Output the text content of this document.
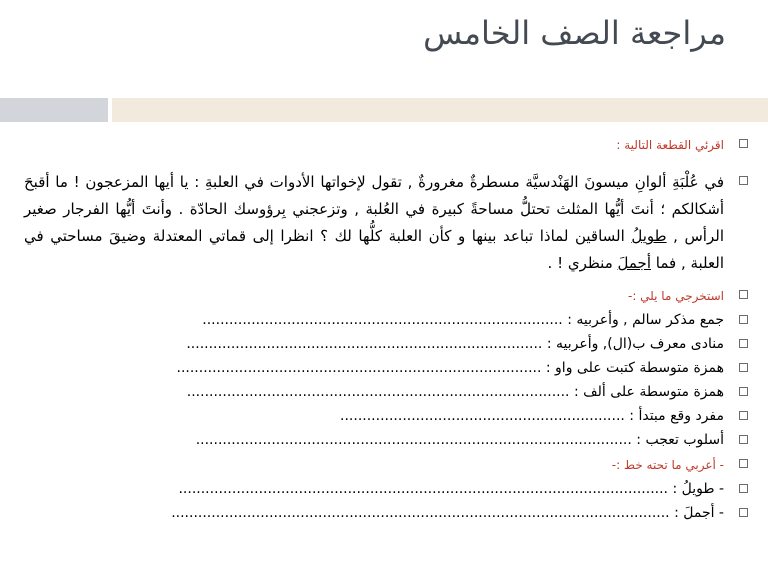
مراجعة الصف الخامس
اقرئي القطعة التالية :
في عُلْبَةِ ألوانِ ميسونَ الهَنْدسيَّة مسطرةٌ مغرورةٌ , تقول لإخواتها الأدوات في العلبةِ : يا أيها المزعجون ! ما أقبحَ أشكالكم ؛ أنتَ أيُّها المثلث تحتلُّ مساحةً كبيرة في العُلبة , وتزعجني بِرؤوسك الحادّة . وأنتَ أيُّها الفرجار صغير الرأس , طويلُ الساقين لماذا تباعد بينها و كأن العلبة كلُّها لك ؟ انظرا إلى قماتي المعتدلة وضيقَ مساحتي في العلبة , فما أجملَ منظري ! .
استخرجي ما يلي :-
جمع مذكر سالم , وأعربيه : .................................................................................
منادى معرف ب(ال), وأعربيه : ................................................................................
همزة متوسطة كتبت على واو : ..................................................................................
همزة متوسطة على ألف : ......................................................................................
مفرد وقع مبتدأ : ................................................................
أسلوب تعجب : ..................................................................................................
- أعربي ما تحته خط :-
- طويلُ : ..............................................................................................................
- أجملَ : ................................................................................................................
